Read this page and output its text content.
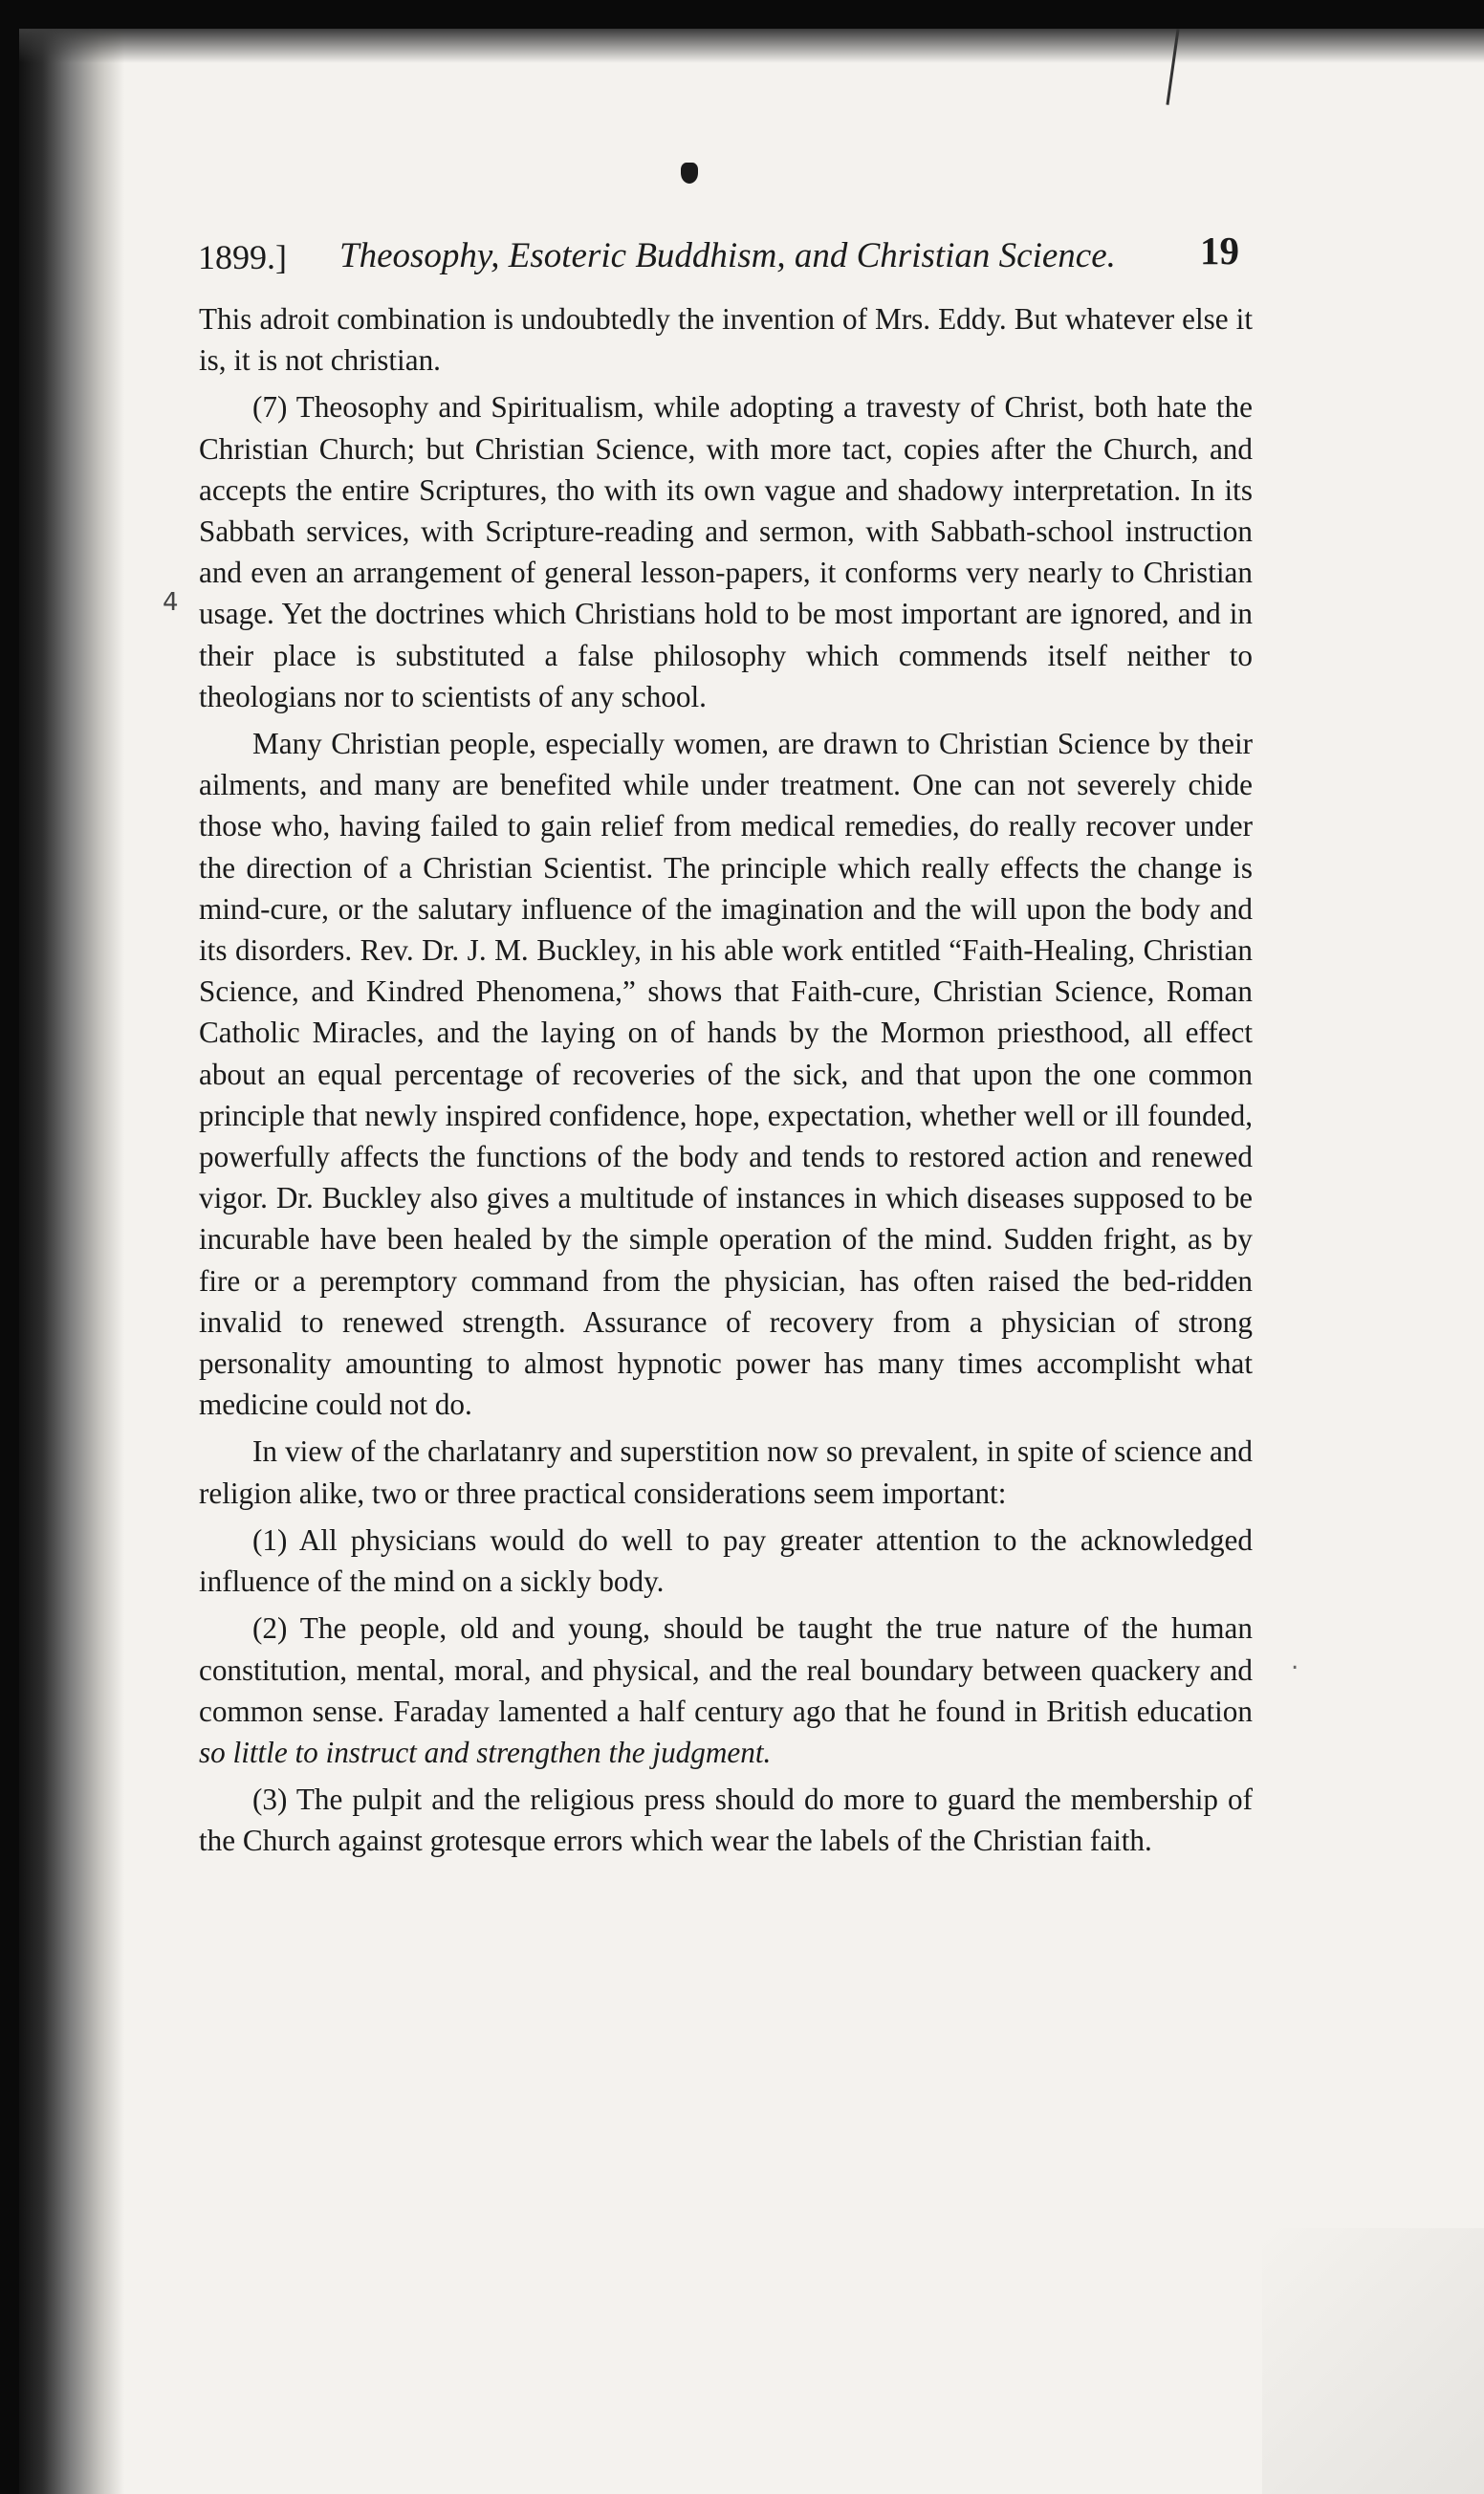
1899.] Theosophy, Esoteric Buddhism, and Christian Science. 19
4
‧

This adroit combination is undoubtedly the invention of Mrs. Eddy. But whatever else it is, it is not christian.

(7) Theosophy and Spiritualism, while adopting a travesty of Christ, both hate the Christian Church; but Christian Science, with more tact, copies after the Church, and accepts the entire Scriptures, tho with its own vague and shadowy interpretation. In its Sabbath services, with Scripture-reading and sermon, with Sabbath-school instruction and even an arrangement of general lesson-papers, it conforms very nearly to Christian usage. Yet the doctrines which Christians hold to be most important are ignored, and in their place is substituted a false philosophy which commends itself neither to theologians nor to scientists of any school.

Many Christian people, especially women, are drawn to Christian Science by their ailments, and many are benefited while under treatment. One can not severely chide those who, having failed to gain relief from medical remedies, do really recover under the direction of a Christian Scientist. The principle which really effects the change is mind-cure, or the salutary influence of the imagination and the will upon the body and its disorders. Rev. Dr. J. M. Buckley, in his able work entitled “Faith-Healing, Christian Science, and Kindred Phenomena,” shows that Faith-cure, Christian Science, Roman Catholic Miracles, and the laying on of hands by the Mormon priesthood, all effect about an equal percentage of recoveries of the sick, and that upon the one common principle that newly inspired confidence, hope, expectation, whether well or ill founded, powerfully affects the functions of the body and tends to restored action and renewed vigor. Dr. Buckley also gives a multitude of instances in which diseases supposed to be incurable have been healed by the simple operation of the mind. Sudden fright, as by fire or a peremptory command from the physician, has often raised the bed-ridden invalid to renewed strength. Assurance of recovery from a physician of strong personality amounting to almost hypnotic power has many times accomplisht what medicine could not do.

In view of the charlatanry and superstition now so prevalent, in spite of science and religion alike, two or three practical considerations seem important:

(1) All physicians would do well to pay greater attention to the acknowledged influence of the mind on a sickly body.

(2) The people, old and young, should be taught the true nature of the human constitution, mental, moral, and physical, and the real boundary between quackery and common sense. Faraday lamented a half century ago that he found in British education so little to instruct and strengthen the judgment.

(3) The pulpit and the religious press should do more to guard the membership of the Church against grotesque errors which wear the labels of the Christian faith.
